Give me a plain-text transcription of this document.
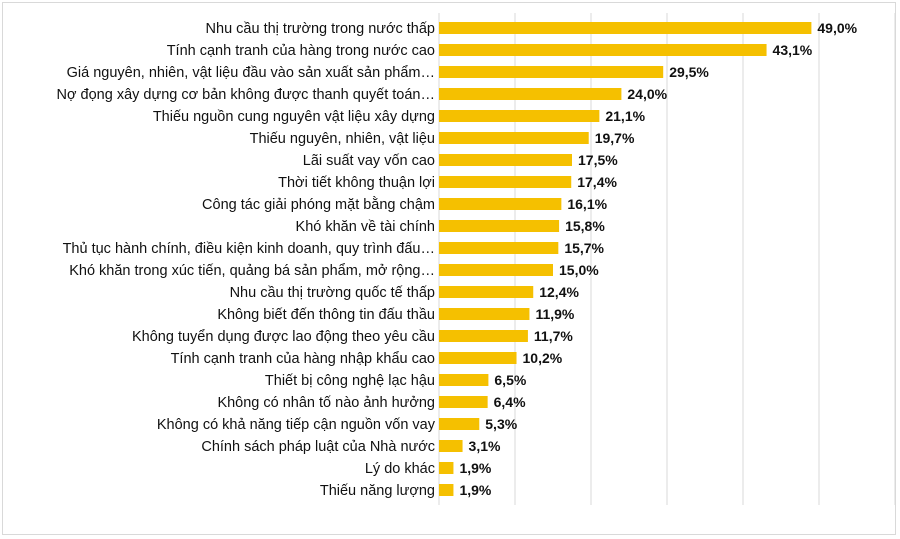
Nhu cầu thị trường trong nước thấp
Tính cạnh tranh của hàng trong nước cao
Giá nguyên, nhiên, vật liệu đầu vào sản xuất sản phẩm…
Nợ đọng xây dựng cơ bản không được thanh quyết toán…
Thiếu nguồn cung nguyên vật liệu xây dựng
Thiếu nguyên, nhiên, vật liệu
Lãi suất vay vốn cao
Thời tiết không thuận lợi
Công tác giải phóng mặt bằng chậm
Khó khăn về tài chính
Thủ tục hành chính, điều kiện kinh doanh, quy trình đấu…
Khó khăn trong xúc tiến, quảng bá sản phẩm, mở rộng…
Nhu cầu thị trường quốc tế thấp
Không biết đến thông tin đấu thầu
Không tuyển dụng được lao động theo yêu cầu
Tính cạnh tranh của hàng nhập khẩu cao
Thiết bị công nghệ lạc hậu
Không có nhân tố nào ảnh hưởng
Không có khả năng tiếp cận nguồn vốn vay
Chính sách pháp luật của Nhà nước
Lý do khác
Thiếu năng lượng
49,0%
43,1%
29,5%
24,0%
21,1%
19,7%
17,5%
17,4%
16,1%
15,8%
15,7%
15,0%
12,4%
11,9%
11,7%
10,2%
6,5%
6,4%
5,3%
3,1%
1,9%
1,9%
